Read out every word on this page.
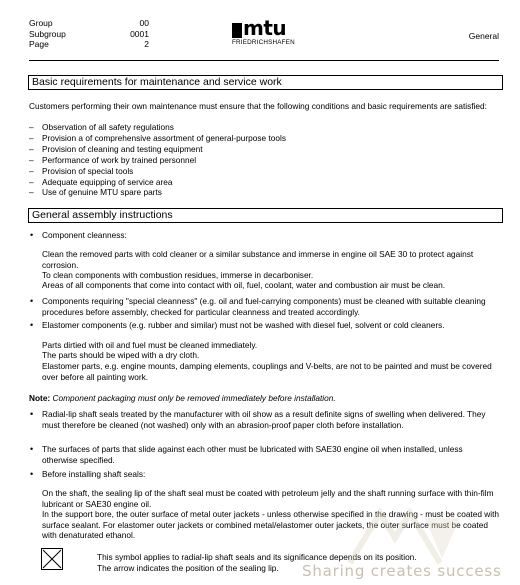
Group	00
Subgroup	0001
Page	2
mtu
FRIEDRICHSHAFEN
General
Basic requirements for maintenance and service work
Customers performing their own maintenance must ensure that the following conditions and basic requirements are satisfied:
–	Observation of all safety regulations
–	Provision a of comprehensive assortment of general-purpose tools
–	Provision of cleaning and testing equipment
–	Performance of work by trained personnel
–	Provision of special tools
–	Adequate equipping of service area
–	Use of genuine MTU spare parts
General assembly instructions
•	Component cleanness:
Clean the removed parts with cold cleaner or a similar substance and immerse in engine oil SAE 30 to protect against corrosion.
To clean components with combustion residues, immerse in decarboniser.
Areas of all components that come into contact with oil, fuel, coolant, water and combustion air must be clean.
•	Components requiring "special cleanness" (e.g. oil and fuel-carrying components) must be cleaned with suitable cleaning procedures before assembly, checked for particular cleanness and treated accordingly.
•	Elastomer components (e.g. rubber and similar) must not be washed with diesel fuel, solvent or cold cleaners.
Parts dirtied with oil and fuel must be cleaned immediately.
The parts should be wiped with a dry cloth.
Elastomer parts, e.g. engine mounts, damping elements, couplings and V-belts, are not to be painted and must be covered over before all painting work.
Note: Component packaging must only be removed immediately before installation.
•	Radial-lip shaft seals treated by the manufacturer with oil show as a result definite signs of swelling when delivered. They must therefore be cleaned (not washed) only with an abrasion-proof paper cloth before installation.
•	The surfaces of parts that slide against each other must be lubricated with SAE30 engine oil when installed, unless otherwise specified.
•	Before installing shaft seals:
On the shaft, the sealing lip of the shaft seal must be coated with petroleum jelly and the shaft running surface with thin-film lubricant or SAE30 engine oil.
In the support bore, the outer surface of metal outer jackets - unless otherwise specified in the drawing - must be coated with surface sealant. For elastomer outer jackets or combined metal/elastomer outer jackets, the outer surface must be coated with denaturated ethanol.
This symbol applies to radial-lip shaft seals and its significance depends on its position.
The arrow indicates the position of the sealing lip.	Sharing creates success
